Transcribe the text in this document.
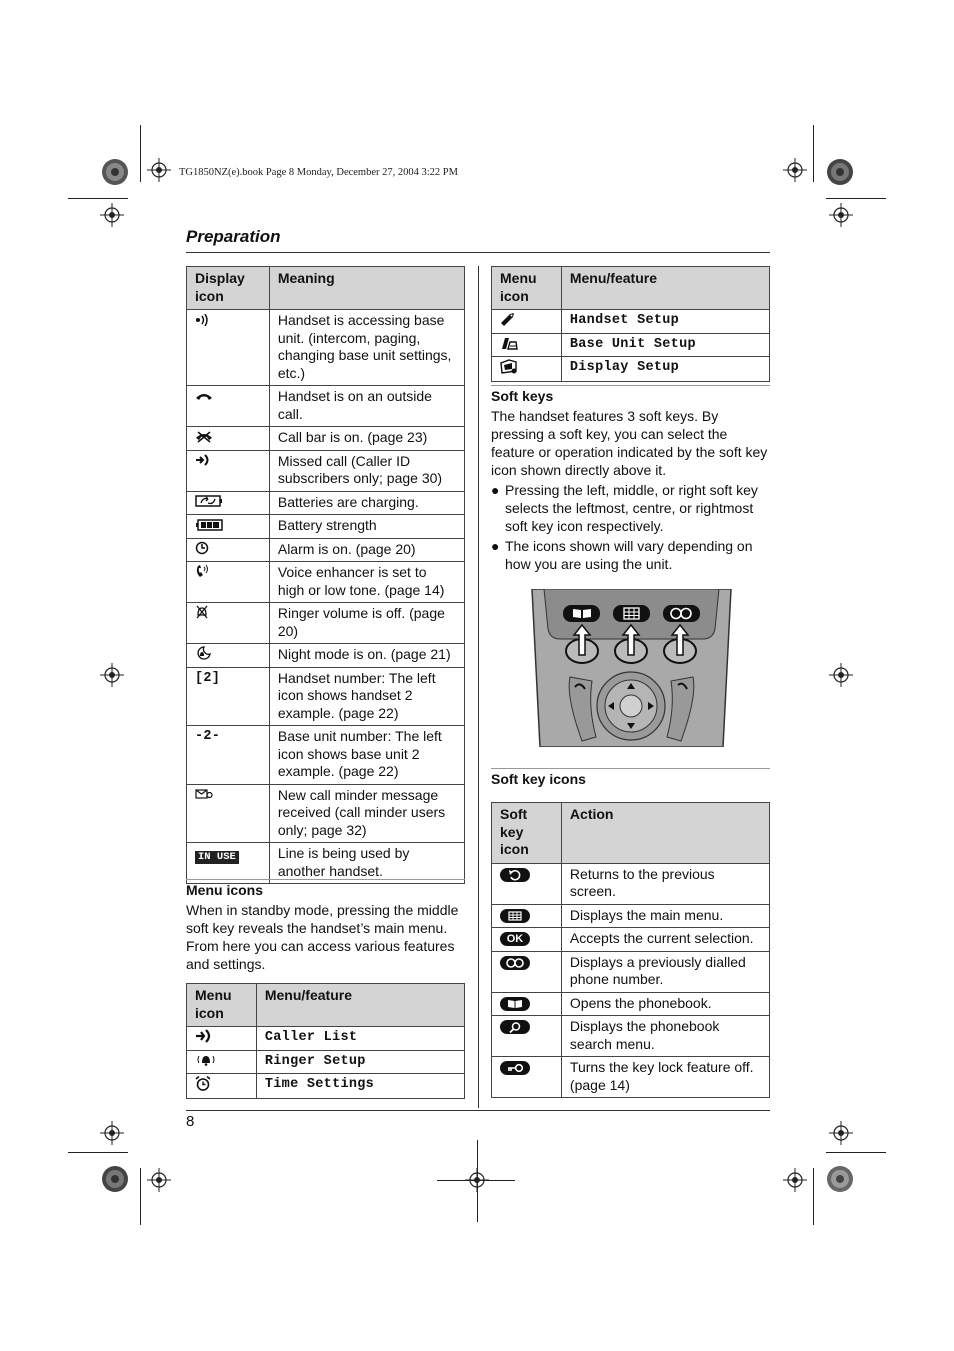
TG1850NZ(e).book Page 8 Monday, December 27, 2004 3:22 PM
Preparation
Display icon	Meaning
	Handset is accessing base unit. (intercom, paging, changing base unit settings, etc.)
	Handset is on an outside call.
	Call bar is on. (page 23)
	Missed call (Caller ID subscribers only; page 30)
	Batteries are charging.
	Battery strength
	Alarm is on. (page 20)
	Voice enhancer is set to high or low tone. (page 14)
	Ringer volume is off. (page 20)
	Night mode is on. (page 21)
[2]	Handset number: The left icon shows handset 2 example. (page 22)
-2-	Base unit number: The left icon shows base unit 2 example. (page 22)
	New call minder message received (call minder users only; page 32)
IN USE	Line is being used by another handset.
Menu icons
When in standby mode, pressing the middle soft key reveals the handset’s main menu. From here you can access various features and settings.
Menu icon	Menu/feature
	Caller List
	Ringer Setup
	Time Settings
Menu icon	Menu/feature
	Handset Setup
	Base Unit Setup
	Display Setup
Soft keys
The handset features 3 soft keys. By pressing a soft key, you can select the feature or operation indicated by the soft key icon shown directly above it.
● Pressing the left, middle, or right soft key selects the leftmost, centre, or rightmost soft key icon respectively.
● The icons shown will vary depending on how you are using the unit.
Soft key icons
Soft key icon	Action
	Returns to the previous screen.
	Displays the main menu.
OK	Accepts the current selection.
	Displays a previously dialled phone number.
	Opens the phonebook.
	Displays the phonebook search menu.
	Turns the key lock feature off. (page 14)
8
